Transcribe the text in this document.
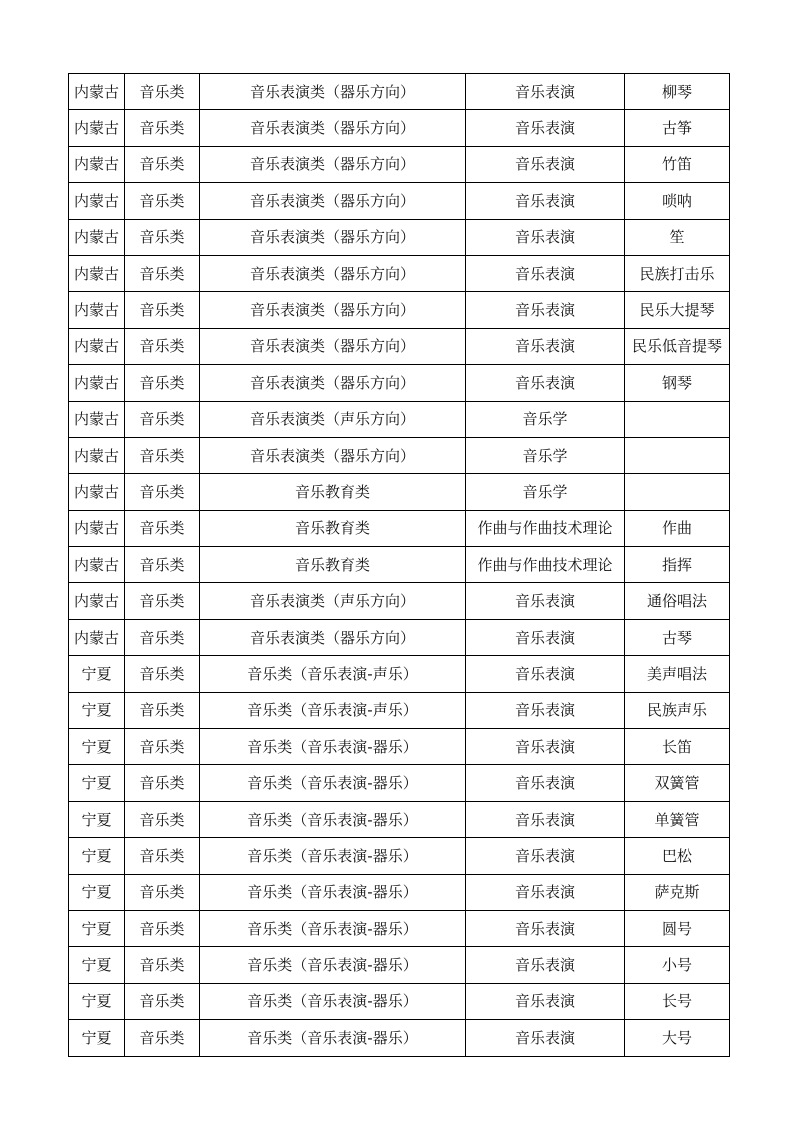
内蒙古	音乐类	音乐表演类（器乐方向）	音乐表演	柳琴
内蒙古	音乐类	音乐表演类（器乐方向）	音乐表演	古筝
内蒙古	音乐类	音乐表演类（器乐方向）	音乐表演	竹笛
内蒙古	音乐类	音乐表演类（器乐方向）	音乐表演	唢呐
内蒙古	音乐类	音乐表演类（器乐方向）	音乐表演	笙
内蒙古	音乐类	音乐表演类（器乐方向）	音乐表演	民族打击乐
内蒙古	音乐类	音乐表演类（器乐方向）	音乐表演	民乐大提琴
内蒙古	音乐类	音乐表演类（器乐方向）	音乐表演	民乐低音提琴
内蒙古	音乐类	音乐表演类（器乐方向）	音乐表演	钢琴
内蒙古	音乐类	音乐表演类（声乐方向）	音乐学	
内蒙古	音乐类	音乐表演类（器乐方向）	音乐学	
内蒙古	音乐类	音乐教育类	音乐学	
内蒙古	音乐类	音乐教育类	作曲与作曲技术理论	作曲
内蒙古	音乐类	音乐教育类	作曲与作曲技术理论	指挥
内蒙古	音乐类	音乐表演类（声乐方向）	音乐表演	通俗唱法
内蒙古	音乐类	音乐表演类（器乐方向）	音乐表演	古琴
宁夏	音乐类	音乐类（音乐表演-声乐）	音乐表演	美声唱法
宁夏	音乐类	音乐类（音乐表演-声乐）	音乐表演	民族声乐
宁夏	音乐类	音乐类（音乐表演-器乐）	音乐表演	长笛
宁夏	音乐类	音乐类（音乐表演-器乐）	音乐表演	双簧管
宁夏	音乐类	音乐类（音乐表演-器乐）	音乐表演	单簧管
宁夏	音乐类	音乐类（音乐表演-器乐）	音乐表演	巴松
宁夏	音乐类	音乐类（音乐表演-器乐）	音乐表演	萨克斯
宁夏	音乐类	音乐类（音乐表演-器乐）	音乐表演	圆号
宁夏	音乐类	音乐类（音乐表演-器乐）	音乐表演	小号
宁夏	音乐类	音乐类（音乐表演-器乐）	音乐表演	长号
宁夏	音乐类	音乐类（音乐表演-器乐）	音乐表演	大号
